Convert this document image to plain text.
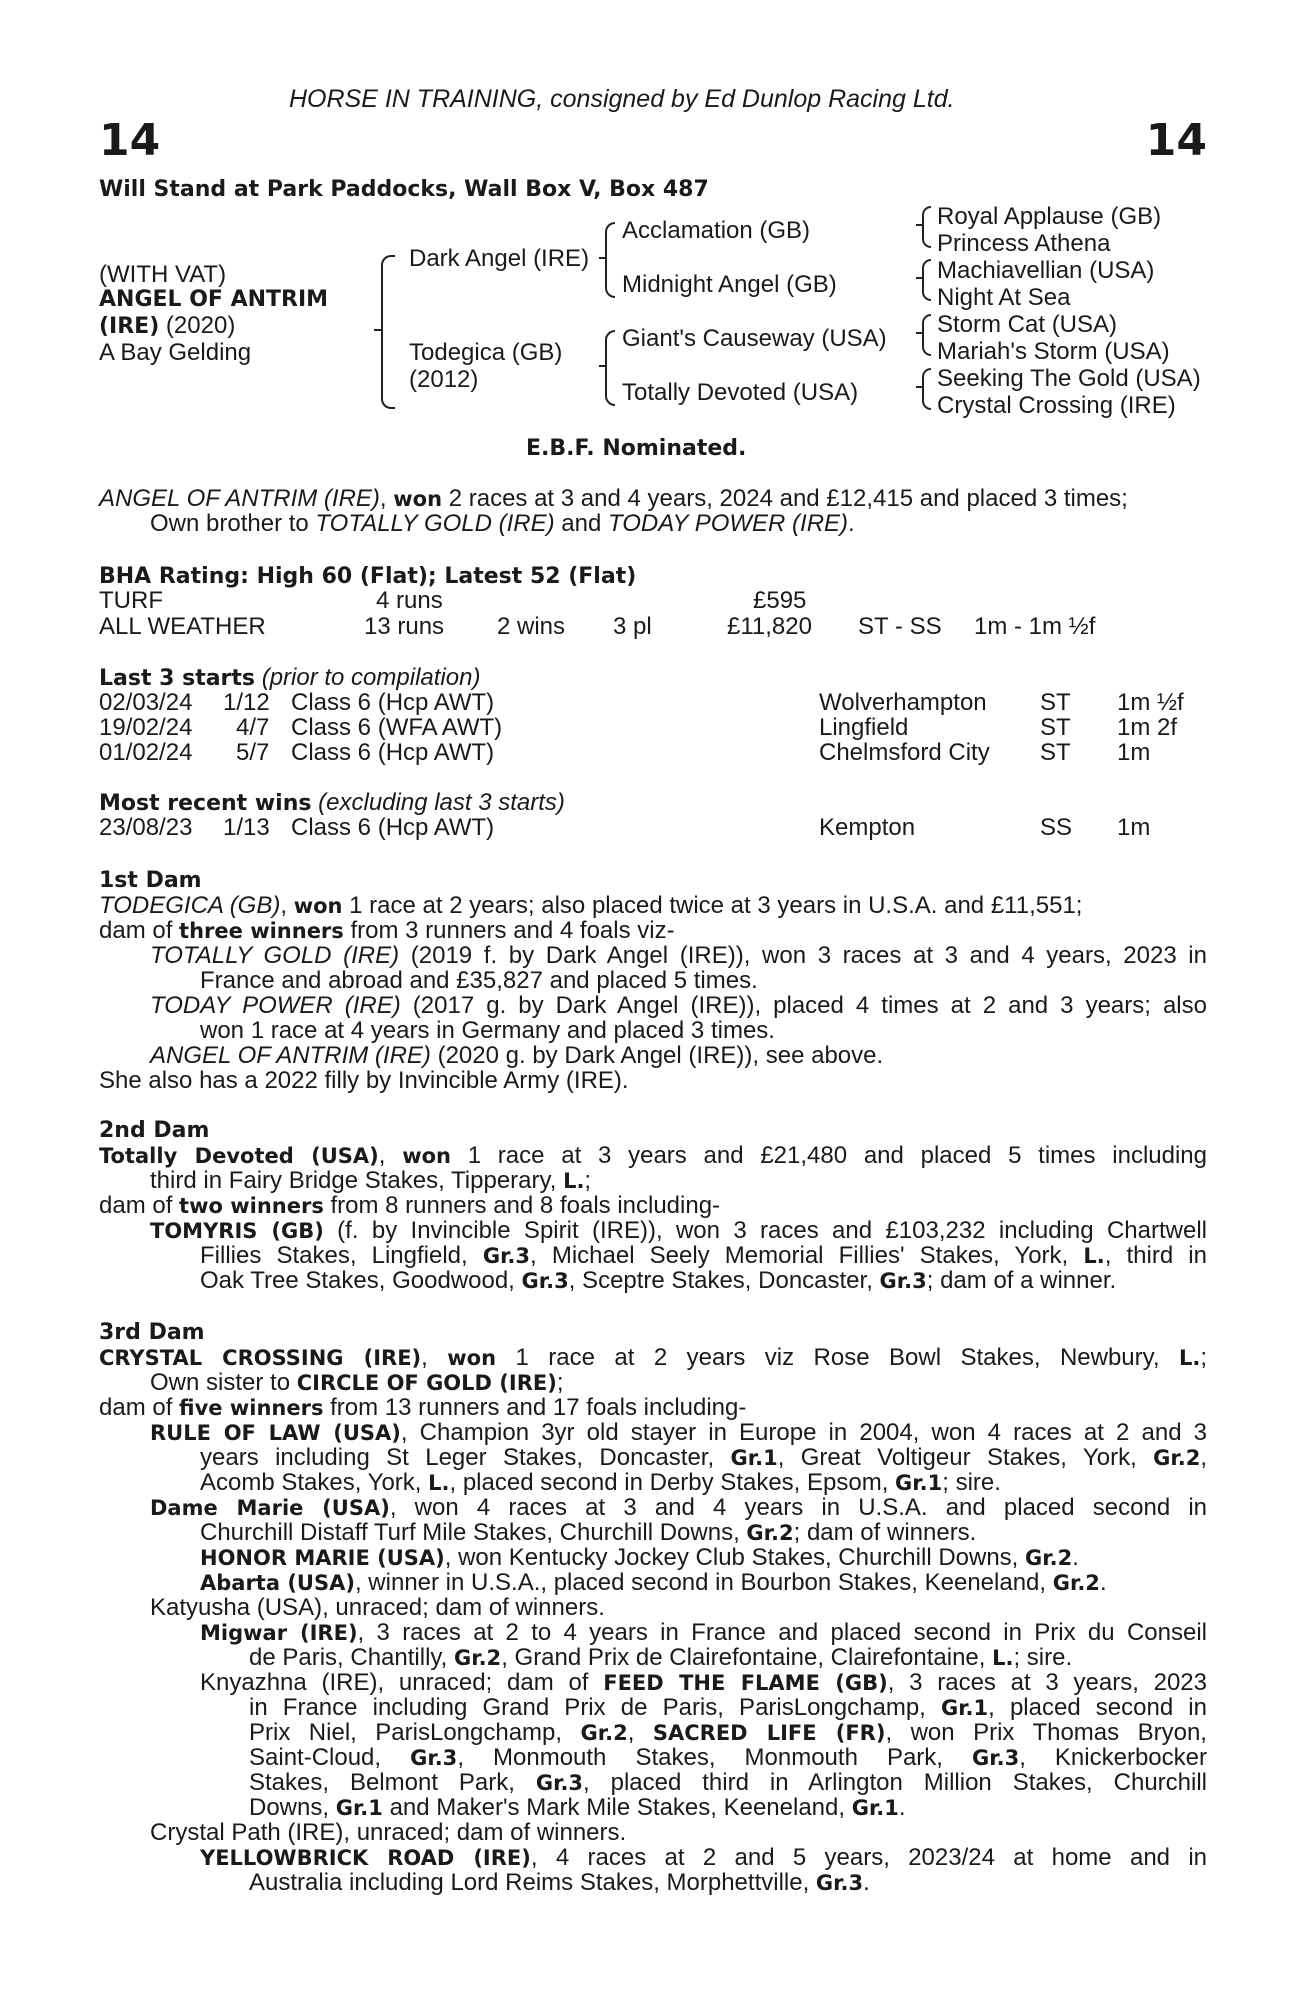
HORSE IN TRAINING, consigned by Ed Dunlop Racing Ltd.
14	14
Will Stand at Park Paddocks, Wall Box V, Box 487
(WITH VAT)
ANGEL OF ANTRIM
(IRE) (2020)
A Bay Gelding
Dark Angel (IRE)
Todegica (GB)
(2012)
Acclamation (GB)
Midnight Angel (GB)
Giant's Causeway (USA)
Totally Devoted (USA)
Royal Applause (GB)
Princess Athena
Machiavellian (USA)
Night At Sea
Storm Cat (USA)
Mariah's Storm (USA)
Seeking The Gold (USA)
Crystal Crossing (IRE)
E.B.F. Nominated.
ANGEL OF ANTRIM (IRE), won 2 races at 3 and 4 years, 2024 and £12,415 and placed 3 times;
Own brother to TOTALLY GOLD (IRE) and TODAY POWER (IRE).
BHA Rating: High 60 (Flat); Latest 52 (Flat)
TURF	4 runs	£595
ALL WEATHER	13 runs 2 wins 3 pl	£11,820 ST - SS 1m - 1m ½f
Last 3 starts (prior to compilation)
02/03/24 1/12 Class 6 (Hcp AWT)	Wolverhampton ST 1m ½f
19/02/24 4/7 Class 6 (WFA AWT)	Lingfield	ST 1m 2f
01/02/24 5/7 Class 6 (Hcp AWT)	Chelmsford City ST 1m
Most recent wins (excluding last 3 starts)
23/08/23 1/13 Class 6 (Hcp AWT)	Kempton	SS 1m
1st Dam
TODEGICA (GB), won 1 race at 2 years; also placed twice at 3 years in U.S.A. and £11,551;
dam of three winners from 3 runners and 4 foals viz-
TOTALLY GOLD (IRE) (2019 f. by Dark Angel (IRE)), won 3 races at 3 and 4 years, 2023 in
France and abroad and £35,827 and placed 5 times.
TODAY POWER (IRE) (2017 g. by Dark Angel (IRE)), placed 4 times at 2 and 3 years; also
won 1 race at 4 years in Germany and placed 3 times.
ANGEL OF ANTRIM (IRE) (2020 g. by Dark Angel (IRE)), see above.
She also has a 2022 filly by Invincible Army (IRE).
2nd Dam
Totally Devoted (USA), won 1 race at 3 years and £21,480 and placed 5 times including
third in Fairy Bridge Stakes, Tipperary, L.;
dam of two winners from 8 runners and 8 foals including-
TOMYRIS (GB) (f. by Invincible Spirit (IRE)), won 3 races and £103,232 including Chartwell
Fillies Stakes, Lingfield, Gr.3, Michael Seely Memorial Fillies' Stakes, York, L., third in
Oak Tree Stakes, Goodwood, Gr.3, Sceptre Stakes, Doncaster, Gr.3; dam of a winner.
3rd Dam
CRYSTAL CROSSING (IRE), won 1 race at 2 years viz Rose Bowl Stakes, Newbury, L.;
Own sister to CIRCLE OF GOLD (IRE);
dam of five winners from 13 runners and 17 foals including-
RULE OF LAW (USA), Champion 3yr old stayer in Europe in 2004, won 4 races at 2 and 3
years including St Leger Stakes, Doncaster, Gr.1, Great Voltigeur Stakes, York, Gr.2,
Acomb Stakes, York, L., placed second in Derby Stakes, Epsom, Gr.1; sire.
Dame Marie (USA), won 4 races at 3 and 4 years in U.S.A. and placed second in
Churchill Distaff Turf Mile Stakes, Churchill Downs, Gr.2; dam of winners.
HONOR MARIE (USA), won Kentucky Jockey Club Stakes, Churchill Downs, Gr.2.
Abarta (USA), winner in U.S.A., placed second in Bourbon Stakes, Keeneland, Gr.2.
Katyusha (USA), unraced; dam of winners.
Migwar (IRE), 3 races at 2 to 4 years in France and placed second in Prix du Conseil
de Paris, Chantilly, Gr.2, Grand Prix de Clairefontaine, Clairefontaine, L.; sire.
Knyazhna (IRE), unraced; dam of FEED THE FLAME (GB), 3 races at 3 years, 2023
in France including Grand Prix de Paris, ParisLongchamp, Gr.1, placed second in
Prix Niel, ParisLongchamp, Gr.2, SACRED LIFE (FR), won Prix Thomas Bryon,
Saint-Cloud, Gr.3, Monmouth Stakes, Monmouth Park, Gr.3, Knickerbocker
Stakes, Belmont Park, Gr.3, placed third in Arlington Million Stakes, Churchill
Downs, Gr.1 and Maker's Mark Mile Stakes, Keeneland, Gr.1.
Crystal Path (IRE), unraced; dam of winners.
YELLOWBRICK ROAD (IRE), 4 races at 2 and 5 years, 2023/24 at home and in
Australia including Lord Reims Stakes, Morphettville, Gr.3.
